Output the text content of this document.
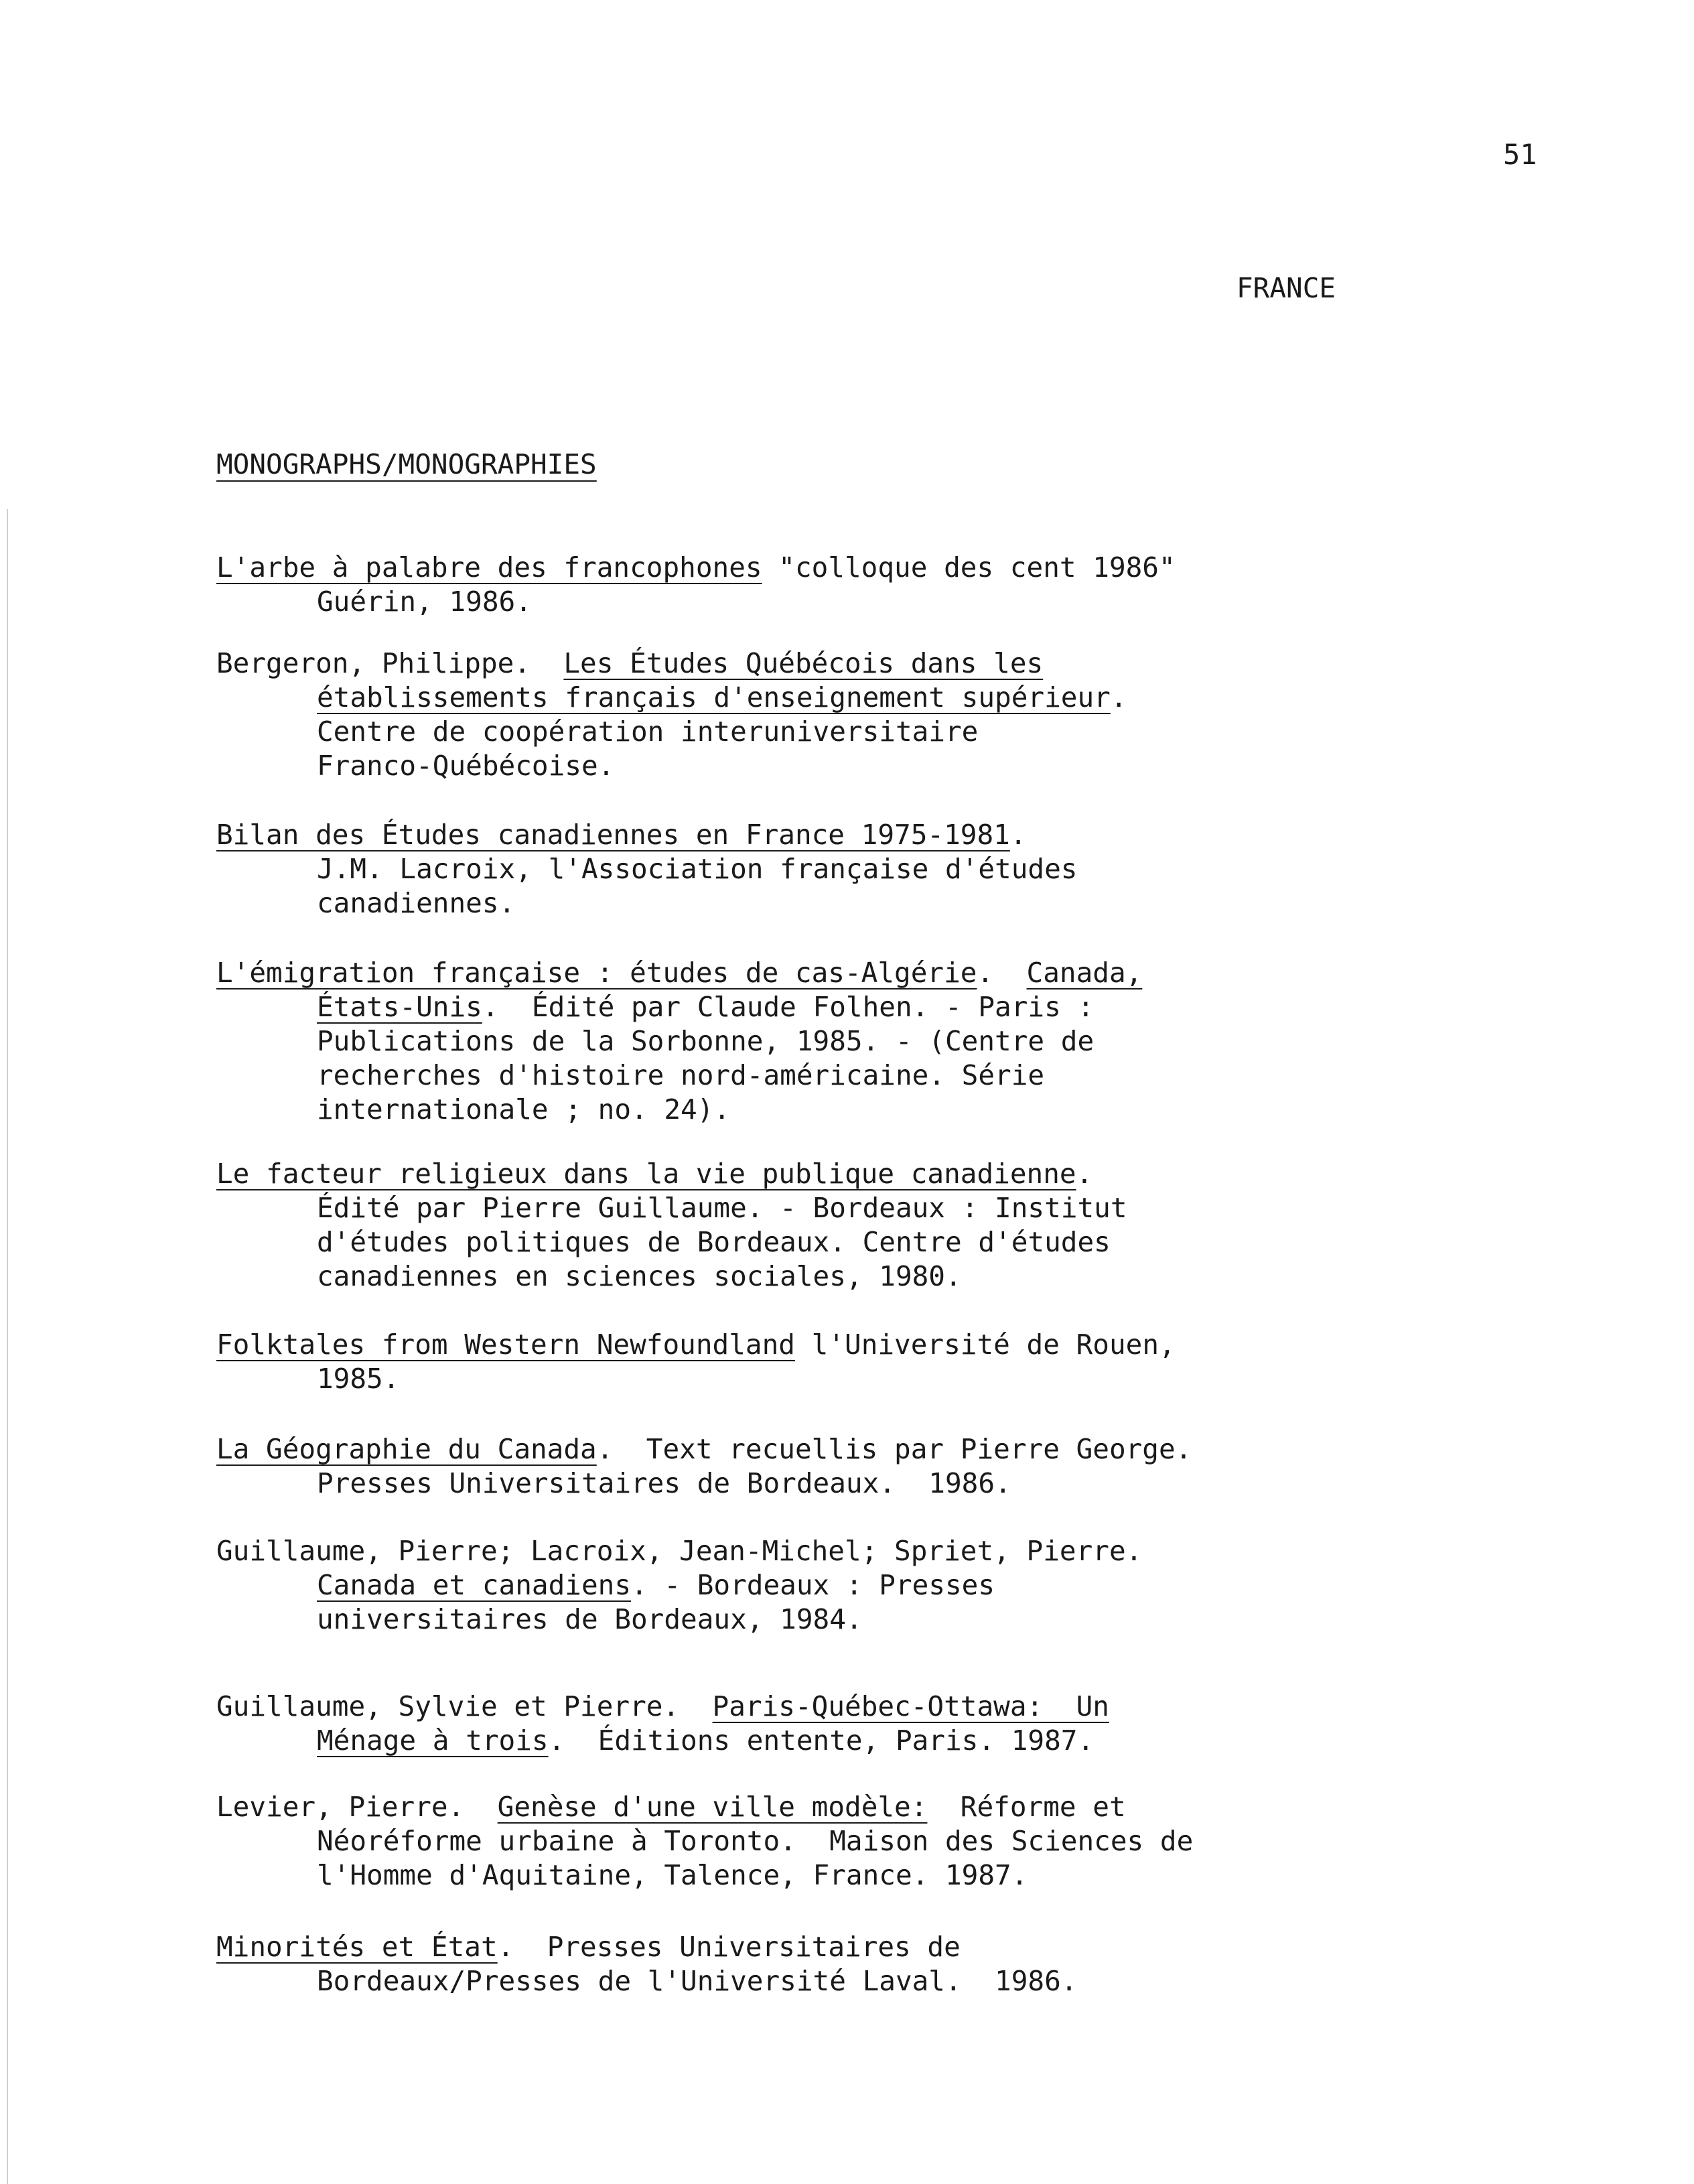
51
FRANCE
MONOGRAPHS/MONOGRAPHIES
L'arbe à palabre des francophones "colloque des cent 1986"
Guérin, 1986.
Bergeron, Philippe.  Les Études Québécois dans les
établissements français d'enseignement supérieur.
Centre de coopération interuniversitaire
Franco-Québécoise.
Bilan des Études canadiennes en France 1975-1981.
J.M. Lacroix, l'Association française d'études
canadiennes.
L'émigration française : études de cas-Algérie.  Canada,
États-Unis.  Édité par Claude Folhen. - Paris :
Publications de la Sorbonne, 1985. - (Centre de
recherches d'histoire nord-américaine. Série
internationale ; no. 24).
Le facteur religieux dans la vie publique canadienne.
Édité par Pierre Guillaume. - Bordeaux : Institut
d'études politiques de Bordeaux. Centre d'études
canadiennes en sciences sociales, 1980.
Folktales from Western Newfoundland l'Université de Rouen,
1985.
La Géographie du Canada.  Text recuellis par Pierre George.
Presses Universitaires de Bordeaux.  1986.
Guillaume, Pierre; Lacroix, Jean-Michel; Spriet, Pierre.
Canada et canadiens. - Bordeaux : Presses
universitaires de Bordeaux, 1984.
Guillaume, Sylvie et Pierre.  Paris-Québec-Ottawa:  Un
Ménage à trois.  Éditions entente, Paris. 1987.
Levier, Pierre.  Genèse d'une ville modèle:  Réforme et
Néoréforme urbaine à Toronto.  Maison des Sciences de
l'Homme d'Aquitaine, Talence, France. 1987.
Minorités et État.  Presses Universitaires de
Bordeaux/Presses de l'Université Laval.  1986.
